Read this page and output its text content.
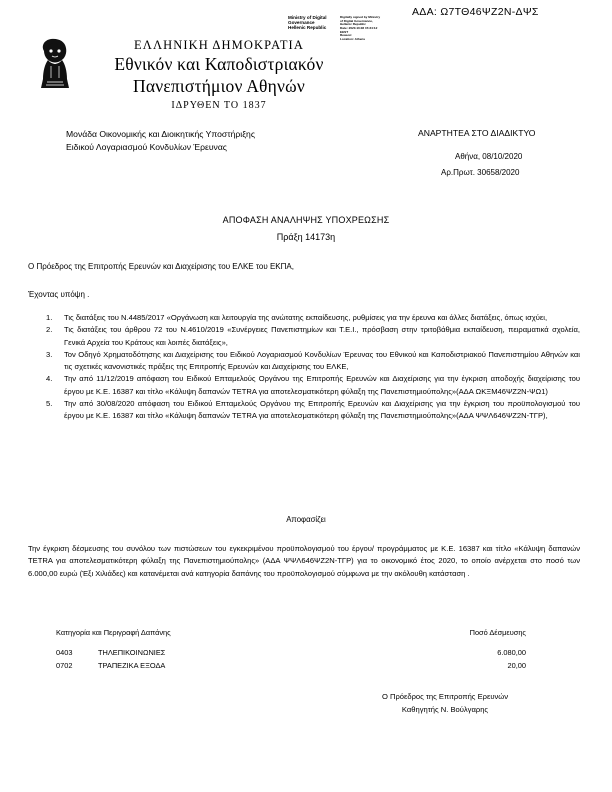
ΑΔΑ: Ω7ΤΘ46ΨΖ2Ν-ΔΨΣ
Ministry of Digital
Governance
Hellenic Republic
Digitally signed by Ministry
of Digital Governance,
Hellenic Republic
Date: 2020.10.08 15:34:12
EEST
Reason:
Location: Athens
ΕΛΛΗΝΙΚΗ ΔΗΜΟΚΡΑΤΙΑ
Εθνικόν και Καποδιστριακόν
Πανεπιστήμιον Αθηνών
ΙΔΡΥΘΕΝ ΤΟ 1837
Μονάδα Οικονομικής και Διοικητικής Υποστήριξης
Ειδικού Λογαριασμού Κονδυλίων Έρευνας
ΑΝΑΡΤΗΤΕΑ ΣΤΟ ΔΙΑΔΙΚΤΥΟ
Αθήνα, 08/10/2020
Αρ.Πρωτ. 30658/2020
ΑΠΟΦΑΣΗ ΑΝΑΛΗΨΗΣ ΥΠΟΧΡΕΩΣΗΣ
Πράξη 14173η
Ο Πρόεδρος της Επιτροπής Ερευνών και Διαχείρισης του ΕΛΚΕ του ΕΚΠΑ,
Έχοντας υπόψη .
1.	Τις διατάξεις του Ν.4485/2017 «Οργάνωση και λειτουργία της ανώτατης εκπαίδευσης, ρυθμίσεις για την έρευνα και άλλες διατάξεις, όπως ισχύει,
2.	Τις διατάξεις του άρθρου 72 του Ν.4610/2019 «Συνέργειες Πανεπιστημίων και Τ.Ε.Ι., πρόσβαση στην τριτοβάθμια εκπαίδευση, πειραματικά σχολεία, Γενικά Αρχεία του Κράτους και λοιπές διατάξεις»,
3.	Τον Οδηγό Χρηματοδότησης και Διαχείρισης του Ειδικού Λογαριασμού Κονδυλίων Έρευνας του Εθνικού και Καποδιστριακού Πανεπιστημίου Αθηνών και τις σχετικές κανονιστικές πράξεις της Επιτροπής Ερευνών και Διαχείρισης του ΕΛΚΕ,
4.	Την από 11/12/2019 απόφαση του Ειδικού Επταμελούς Οργάνου της Επιτροπής Ερευνών και Διαχείρισης για την έγκριση αποδοχής διαχείρισης του έργου με Κ.Ε. 16387 και τίτλο «Κάλυψη δαπανών TETRA για αποτελεσματικότερη φύλαξη της Πανεπιστημιούπολης»(ΑΔΑ ΩΚΞΜ46ΨΖ2Ν-ΨΩ1)
5.	Την από 30/08/2020 απόφαση του Ειδικού Επταμελούς Οργάνου της Επιτροπής Ερευνών και Διαχείρισης για την έγκριση του προϋπολογισμού του έργου με Κ.Ε. 16387 και τίτλο «Κάλυψη δαπανών TETRA για αποτελεσματικότερη φύλαξη της Πανεπιστημιούπολης»(ΑΔΑ ΨΨΛ646ΨΖ2Ν-ΤΓΡ),
Αποφασίζει
Την έγκριση δέσμευσης του συνόλου των πιστώσεων του εγκεκριμένου προϋπολογισμού του έργου/ προγράμματος με Κ.Ε. 16387 και τίτλο «Κάλυψη δαπανών TETRA για αποτελεσματικότερη φύλαξη της Πανεπιστημιούπολης» (ΑΔΑ ΨΨΛ646ΨΖ2Ν-ΤΓΡ) για το οικονομικό έτος 2020, το οποίο ανέρχεται στο ποσό των 6.000,00 ευρώ (Έξι Χιλιάδες) και κατανέμεται ανά κατηγορία δαπάνης του προϋπολογισμού σύμφωνα με την ακόλουθη κατάσταση .
Κατηγορία και Περιγραφή Δαπάνης		Ποσό Δέσμευσης
0403	ΤΗΛΕΠΙΚΟΙΝΩΝΙΕΣ	6.080,00
0702	ΤΡΑΠΕΖΙΚΑ ΕΞΟΔΑ	20,00
Ο Πρόεδρος της Επιτροπής Ερευνών
Καθηγητής Ν. Βούλγαρης
